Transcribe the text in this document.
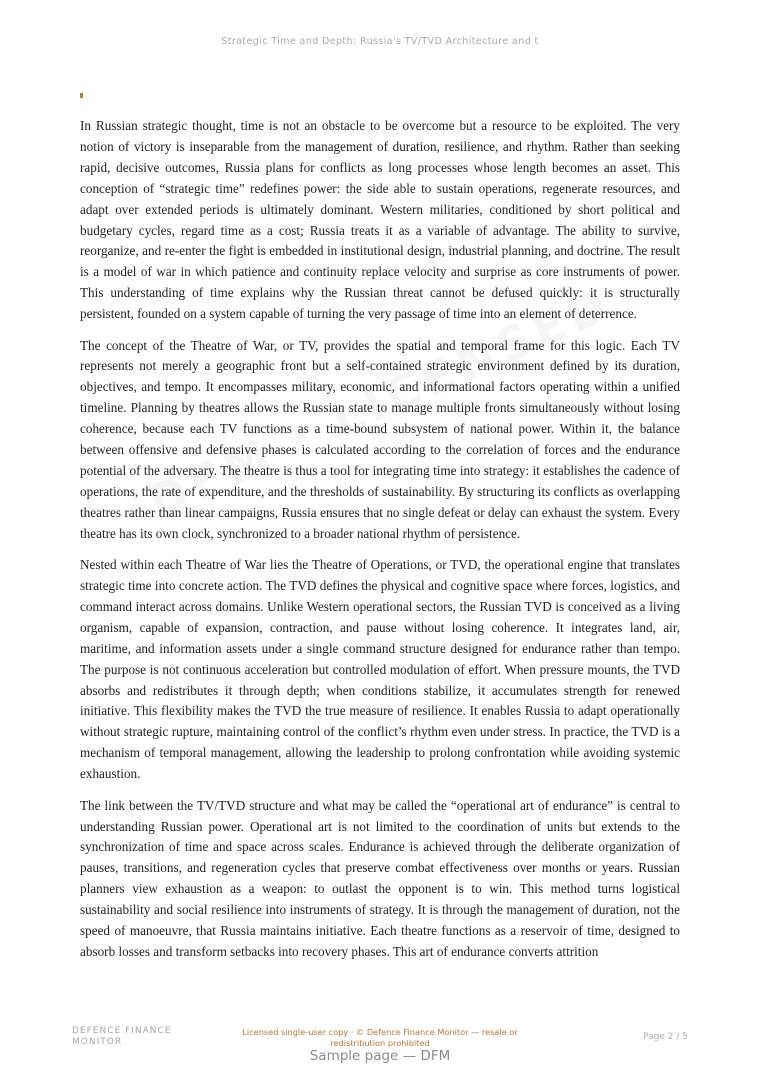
Strategic Time and Depth: Russia's TV/TVD Architecture and t

In Russian strategic thought, time is not an obstacle to be overcome but a resource to be exploited. The very notion of victory is inseparable from the management of duration, resilience, and rhythm. Rather than seeking rapid, decisive outcomes, Russia plans for conflicts as long processes whose length becomes an asset. This conception of “strategic time” redefines power: the side able to sustain operations, regenerate resources, and adapt over extended periods is ultimately dominant. Western militaries, conditioned by short political and budgetary cycles, regard time as a cost; Russia treats it as a variable of advantage. The ability to survive, reorganize, and re-enter the fight is embedded in institutional design, industrial planning, and doctrine. The result is a model of war in which patience and continuity replace velocity and surprise as core instruments of power. This understanding of time explains why the Russian threat cannot be defused quickly: it is structurally persistent, founded on a system capable of turning the very passage of time into an element of deterrence.

The concept of the Theatre of War, or TV, provides the spatial and temporal frame for this logic. Each TV represents not merely a geographic front but a self-contained strategic environment defined by its duration, objectives, and tempo. It encompasses military, economic, and informational factors operating within a unified timeline. Planning by theatres allows the Russian state to manage multiple fronts simultaneously without losing coherence, because each TV functions as a time-bound subsystem of national power. Within it, the balance between offensive and defensive phases is calculated according to the correlation of forces and the endurance potential of the adversary. The theatre is thus a tool for integrating time into strategy: it establishes the cadence of operations, the rate of expenditure, and the thresholds of sustainability. By structuring its conflicts as overlapping theatres rather than linear campaigns, Russia ensures that no single defeat or delay can exhaust the system. Every theatre has its own clock, synchronized to a broader national rhythm of persistence.

Nested within each Theatre of War lies the Theatre of Operations, or TVD, the operational engine that translates strategic time into concrete action. The TVD defines the physical and cognitive space where forces, logistics, and command interact across domains. Unlike Western operational sectors, the Russian TVD is conceived as a living organism, capable of expansion, contraction, and pause without losing coherence. It integrates land, air, maritime, and information assets under a single command structure designed for endurance rather than tempo. The purpose is not continuous acceleration but controlled modulation of effort. When pressure mounts, the TVD absorbs and redistributes it through depth; when conditions stabilize, it accumulates strength for renewed initiative. This flexibility makes the TVD the true measure of resilience. It enables Russia to adapt operationally without strategic rupture, maintaining control of the conflict’s rhythm even under stress. In practice, the TVD is a mechanism of temporal management, allowing the leadership to prolong confrontation while avoiding systemic exhaustion.

The link between the TV/TVD structure and what may be called the “operational art of endurance” is central to understanding Russian power. Operational art is not limited to the coordination of units but extends to the synchronization of time and space across scales. Endurance is achieved through the deliberate organization of pauses, transitions, and regeneration cycles that preserve combat effectiveness over months or years. Russian planners view exhaustion as a weapon: to outlast the opponent is to win. This method turns logistical sustainability and social resilience into instruments of strategy. It is through the management of duration, not the speed of manoeuvre, that Russia maintains initiative. Each theatre functions as a reservoir of time, designed to absorb losses and transform setbacks into recovery phases. This art of endurance converts attrition

DEFENCE FINANCE MONITOR
Licensed single-user copy · © Defence Finance Monitor — resale or redistribution prohibited
Page 2 / 5
Sample page — DFM
